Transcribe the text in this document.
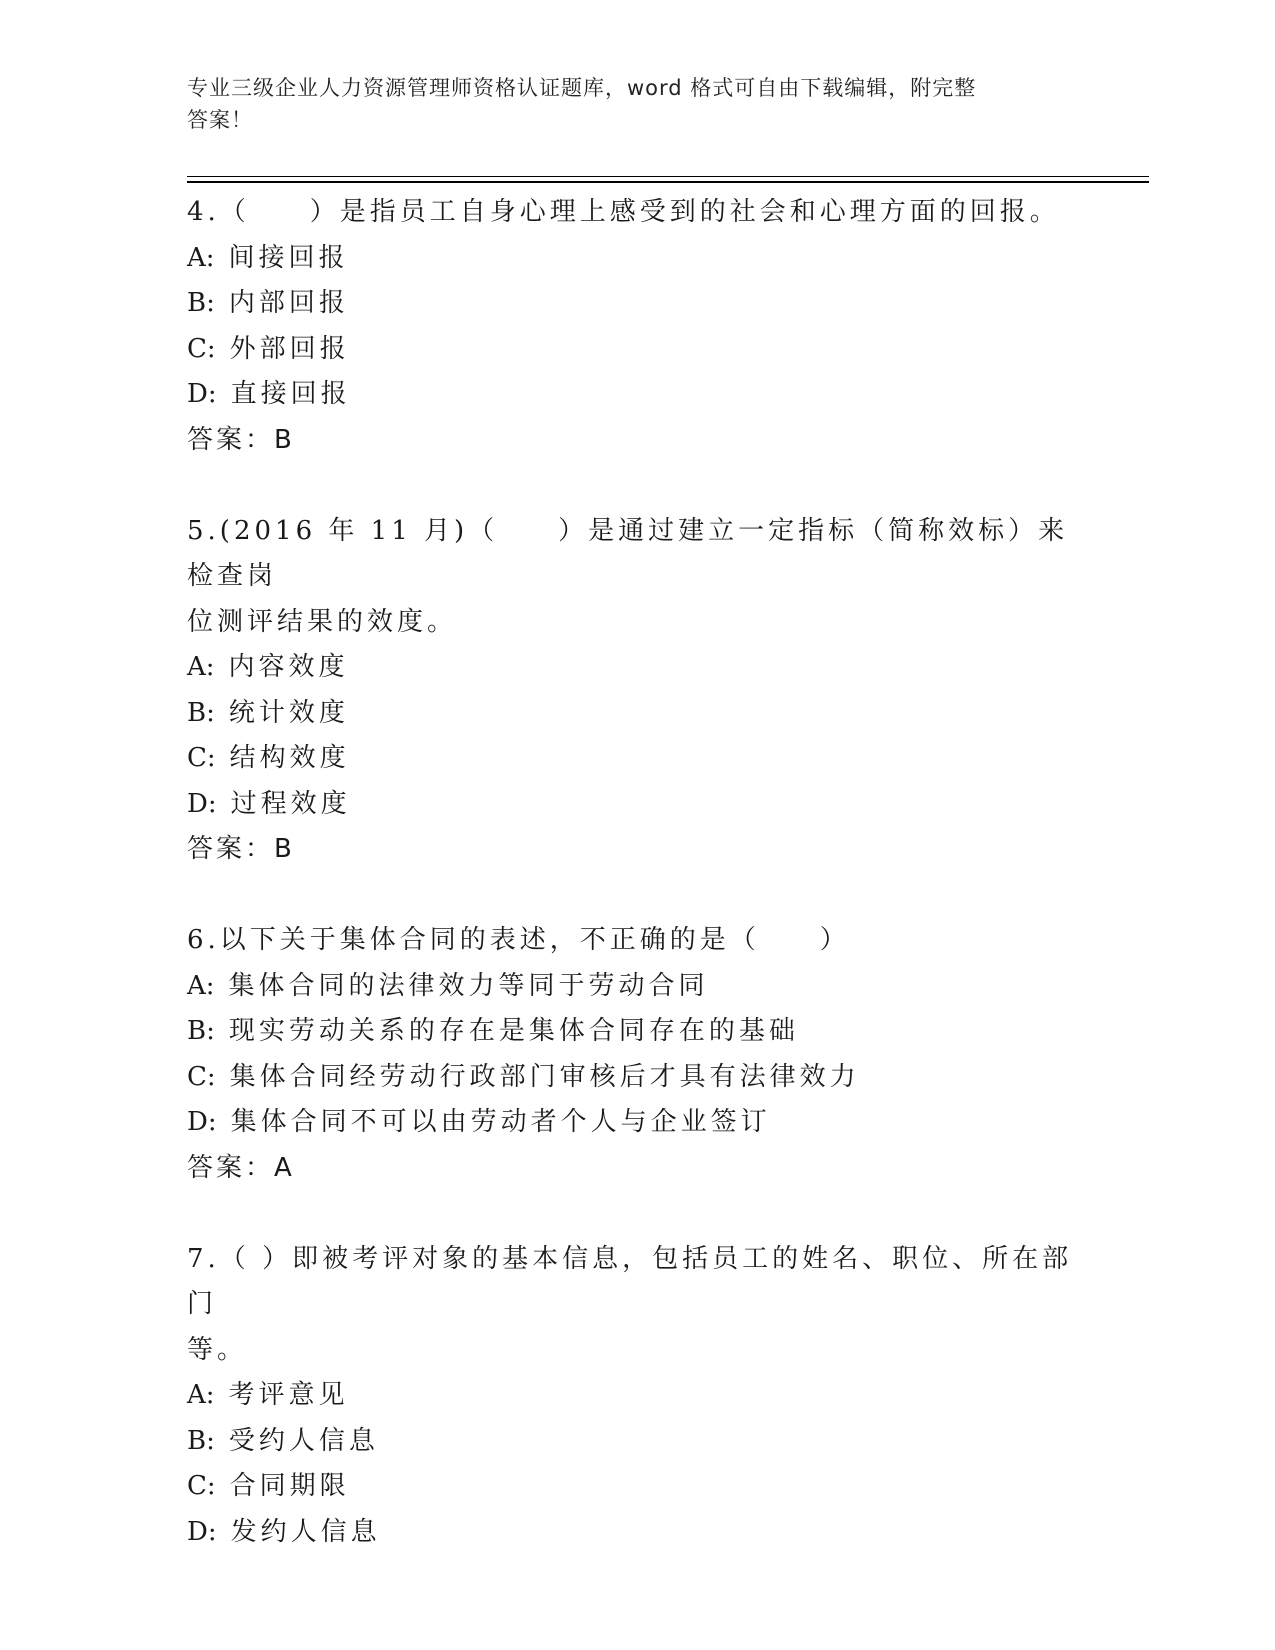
专业三级企业人力资源管理师资格认证题库，word 格式可自由下载编辑，附完整
答案！
4.（　　）是指员工自身心理上感受到的社会和心理方面的回报。
A: 间接回报
B: 内部回报
C: 外部回报
D: 直接回报
答案：B
5.(2016 年 11 月)（　　）是通过建立一定指标（简称效标）来检查岗
位测评结果的效度。
A: 内容效度
B: 统计效度
C: 结构效度
D: 过程效度
答案：B
6.以下关于集体合同的表述，不正确的是（　　）
A: 集体合同的法律效力等同于劳动合同
B: 现实劳动关系的存在是集体合同存在的基础
C: 集体合同经劳动行政部门审核后才具有法律效力
D: 集体合同不可以由劳动者个人与企业签订
答案：A
7.（ ）即被考评对象的基本信息，包括员工的姓名、职位、所在部门
等。
A: 考评意见
B: 受约人信息
C: 合同期限
D: 发约人信息
